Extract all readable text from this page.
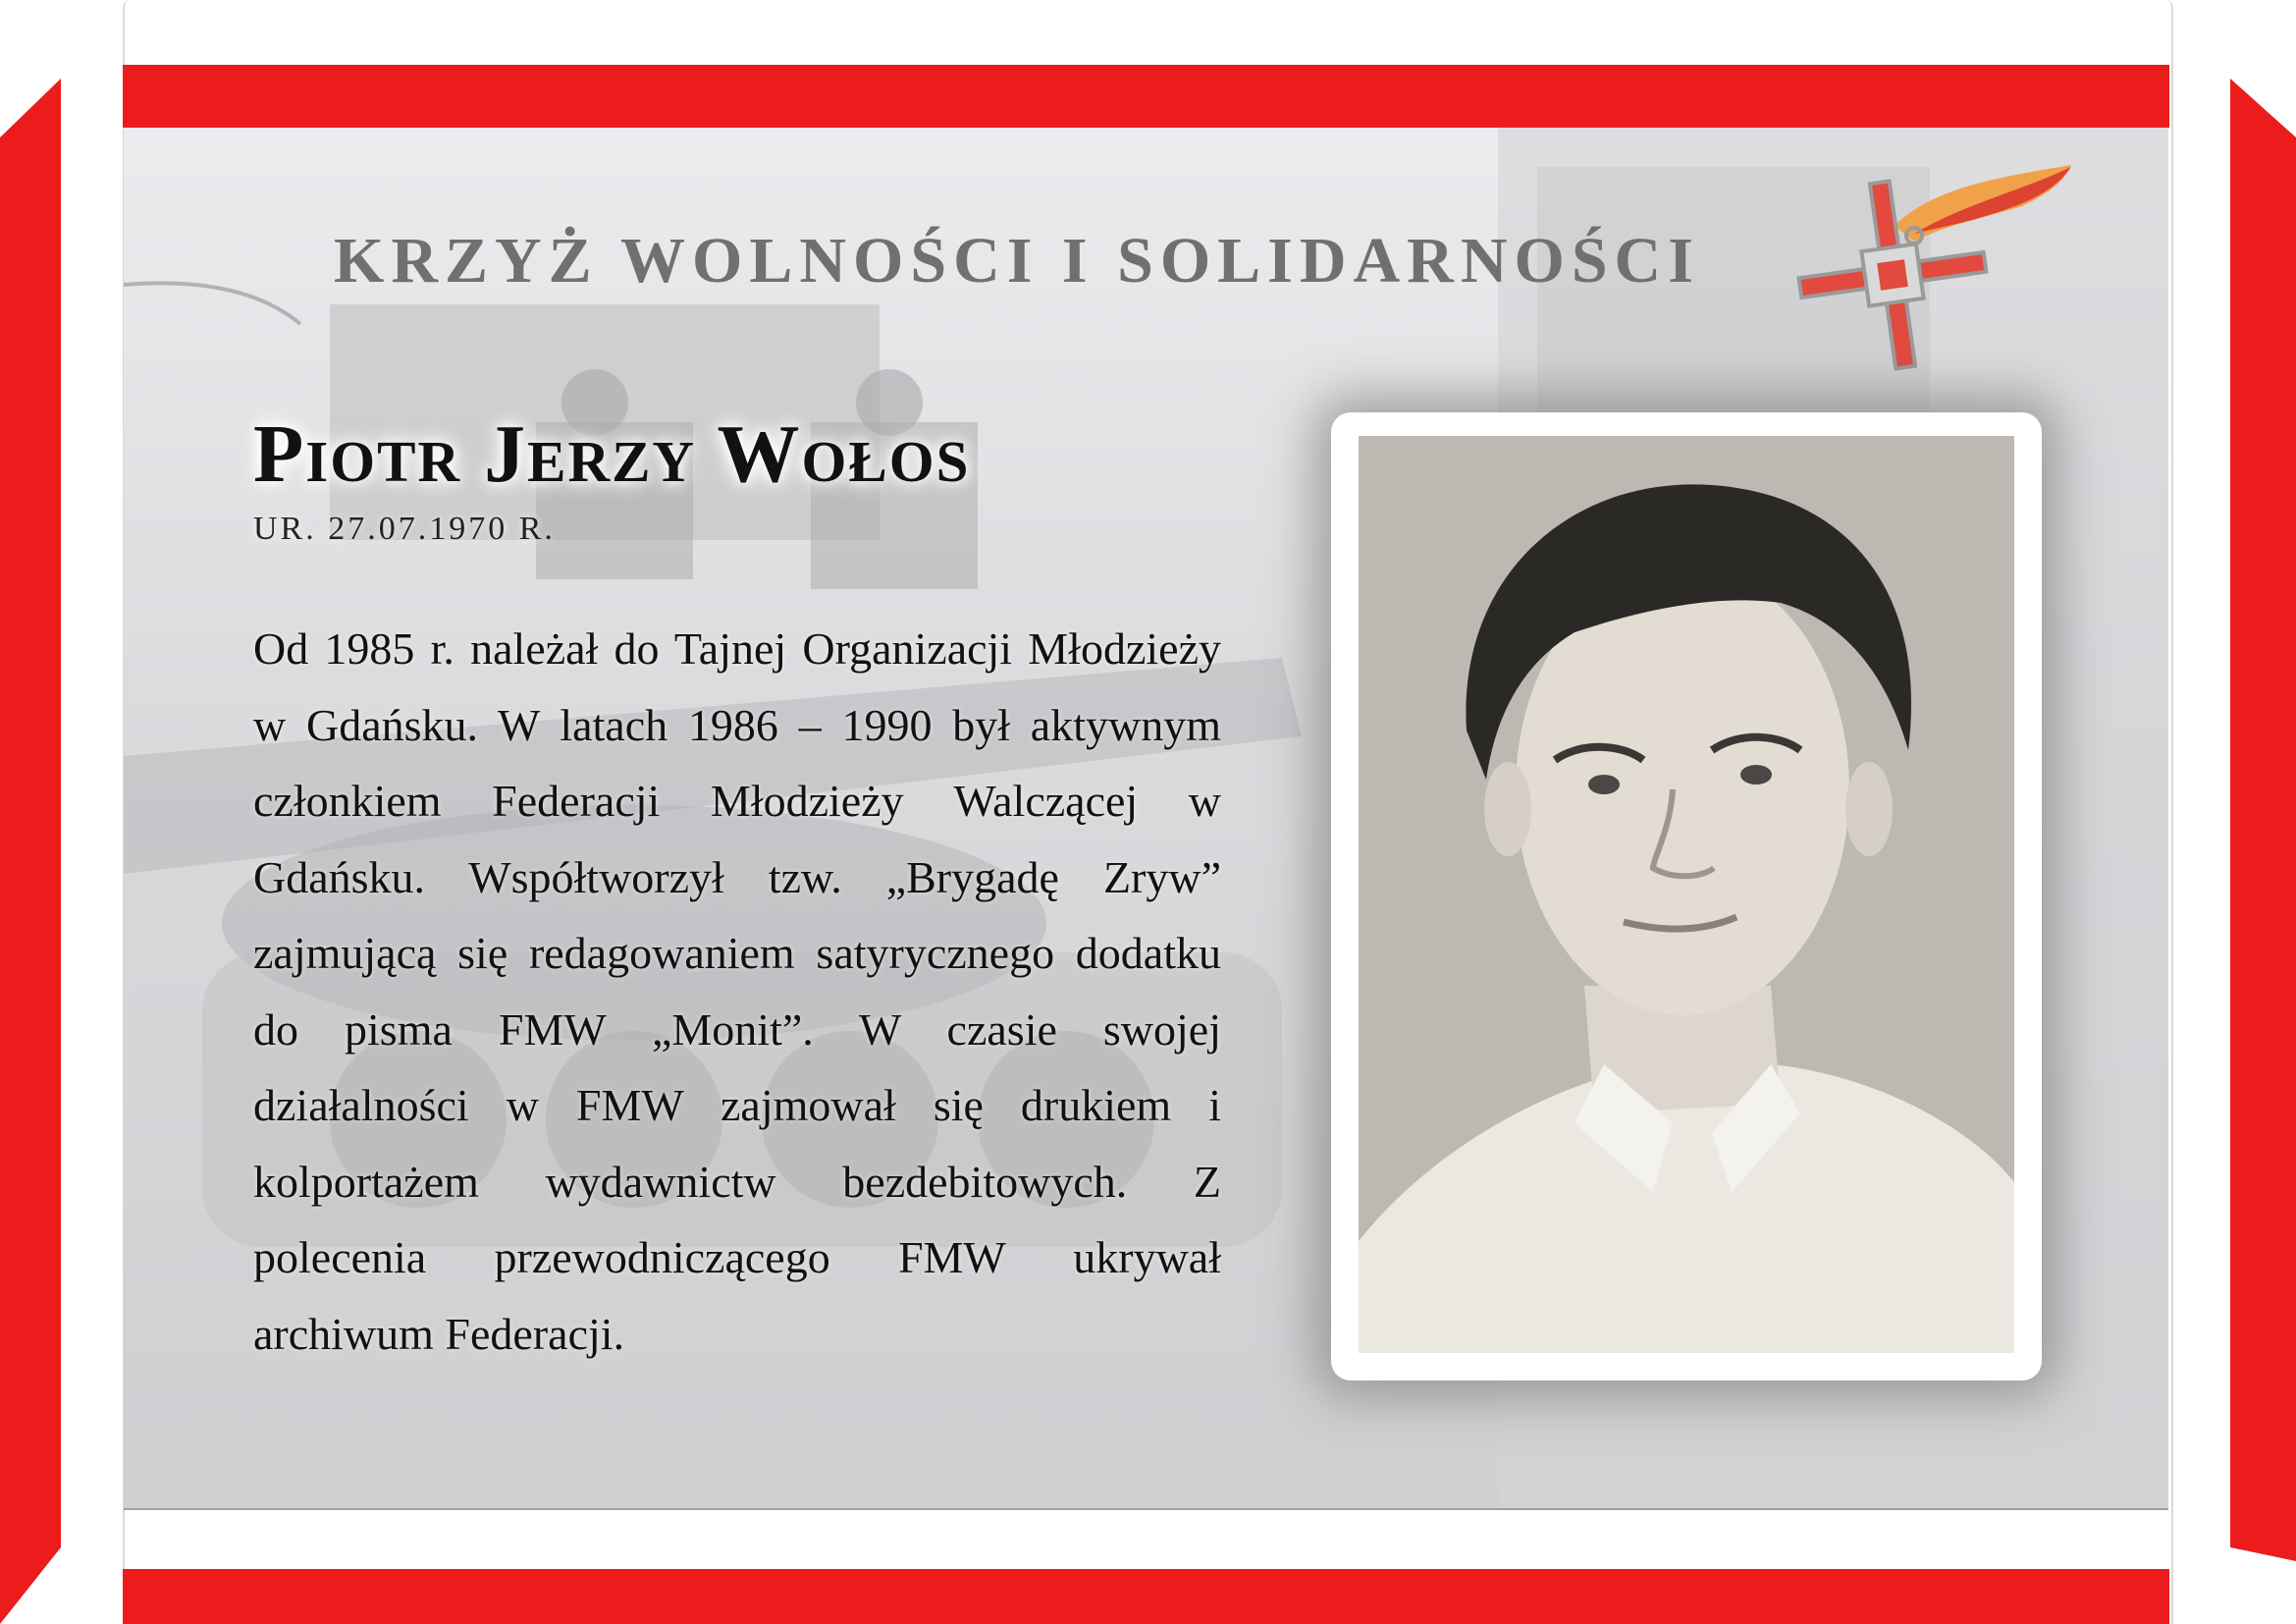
KRZYŻ WOLNOŚCI I SOLIDARNOŚCI
Piotr Jerzy Wołos
UR. 27.07.1970 R.

Od 1985 r. należał do Tajnej Organizacji Młodzieży w Gdańsku. W latach 1986 – 1990 był aktywnym członkiem Federacji Młodzieży Walczącej w Gdańsku. Współtworzył tzw. „Brygadę Zryw” zajmującą się redagowaniem satyrycznego dodatku do pisma FMW „Monit”. W czasie swojej działalności w FMW zajmował się drukiem i kolportażem wydawnictw bezdebitowych. Z polecenia przewodniczącego FMW ukrywał archiwum Federacji.
